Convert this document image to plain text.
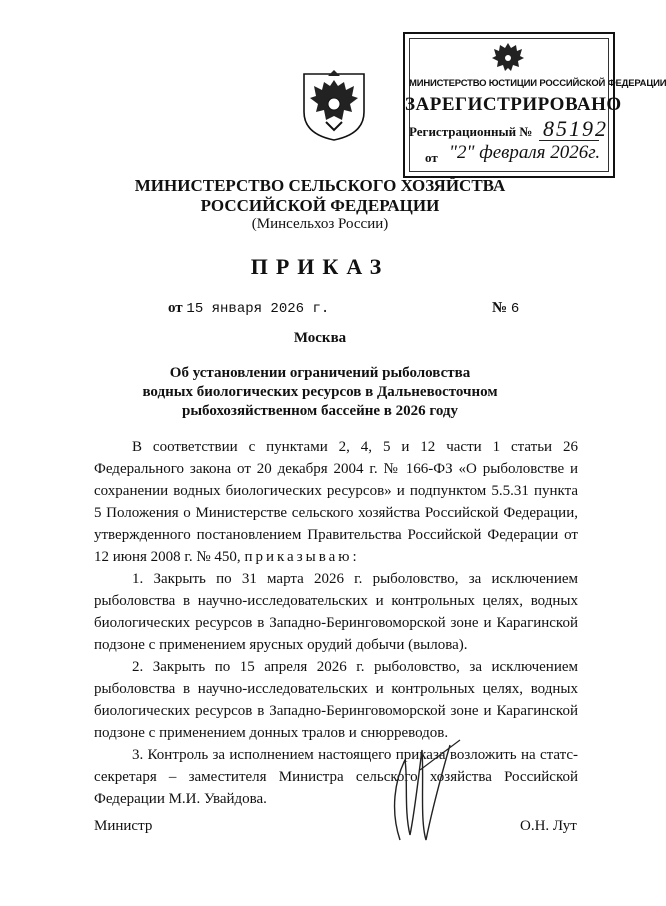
МИНИСТЕРСТВО ЮСТИЦИИ РОССИЙСКОЙ ФЕДЕРАЦИИ
ЗАРЕГИСТРИРОВАНО
Регистрационный № 85192
от "2" февраля 2026г.
МИНИСТЕРСТВО СЕЛЬСКОГО ХОЗЯЙСТВА
РОССИЙСКОЙ ФЕДЕРАЦИИ
(Минсельхоз России)
ПРИКАЗ
от 15 января 2026 г.	№ 6
Москва
Об установлении ограничений рыболовства
водных биологических ресурсов в Дальневосточном
рыбохозяйственном бассейне в 2026 году

В соответствии с пунктами 2, 4, 5 и 12 части 1 статьи 26 Федерального закона от 20 декабря 2004 г. № 166-ФЗ «О рыболовстве и сохранении водных биологических ресурсов» и подпунктом 5.5.31 пункта 5 Положения о Министерстве сельского хозяйства Российской Федерации, утвержденного постановлением Правительства Российской Федерации от 12 июня 2008 г. № 450, приказываю:

1. Закрыть по 31 марта 2026 г. рыболовство, за исключением рыболовства в научно-исследовательских и контрольных целях, водных биологических ресурсов в Западно-Беринговоморской зоне и Карагинской подзоне с применением ярусных орудий добычи (вылова).

2. Закрыть по 15 апреля 2026 г. рыболовство, за исключением рыболовства в научно-исследовательских и контрольных целях, водных биологических ресурсов в Западно-Беринговоморской зоне и Карагинской подзоне с применением донных тралов и снюрреводов.

3. Контроль за исполнением настоящего приказа возложить на статс-секретаря – заместителя Министра сельского хозяйства Российской Федерации М.И. Увайдова.

Министр	О.Н. Лут
